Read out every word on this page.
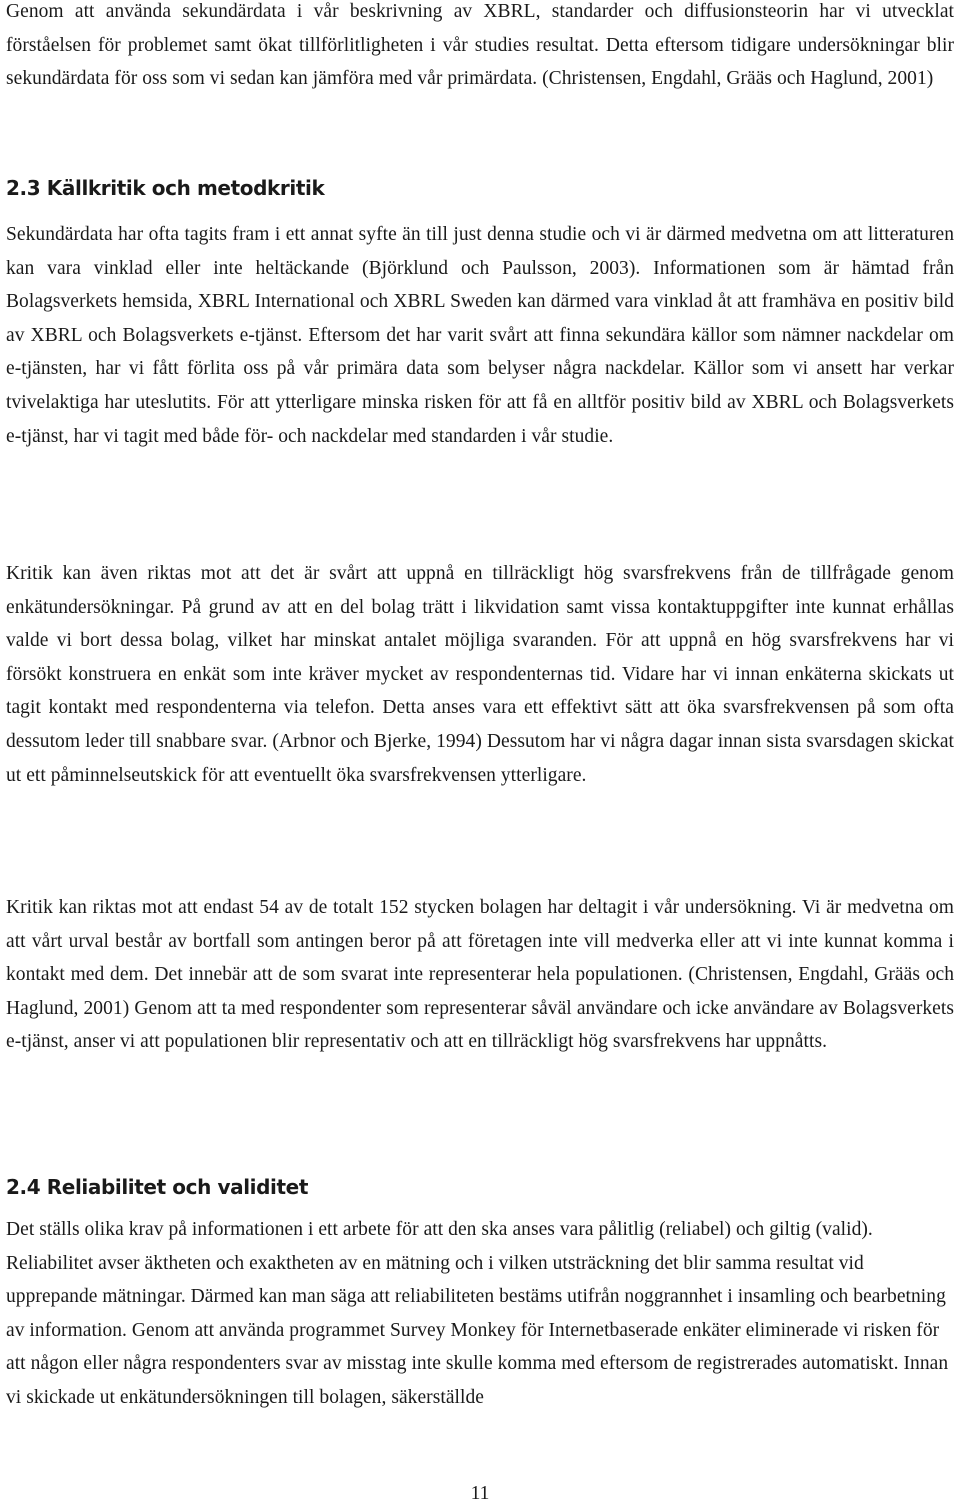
Genom att använda sekundärdata i vår beskrivning av XBRL, standarder och diffusionsteorin har vi utvecklat förståelsen för problemet samt ökat tillförlitligheten i vår studies resultat. Detta eftersom tidigare undersökningar blir sekundärdata för oss som vi sedan kan jämföra med vår primärdata. (Christensen, Engdahl, Grääs och Haglund, 2001)

2.3 Källkritik och metodkritik

Sekundärdata har ofta tagits fram i ett annat syfte än till just denna studie och vi är därmed medvetna om att litteraturen kan vara vinklad eller inte heltäckande (Björklund och Paulsson, 2003). Informationen som är hämtad från Bolagsverkets hemsida, XBRL International och XBRL Sweden kan därmed vara vinklad åt att framhäva en positiv bild av XBRL och Bolagsverkets e-tjänst. Eftersom det har varit svårt att finna sekundära källor som nämner nackdelar om e-tjänsten, har vi fått förlita oss på vår primära data som belyser några nackdelar. Källor som vi ansett har verkar tvivelaktiga har uteslutits. För att ytterligare minska risken för att få en alltför positiv bild av XBRL och Bolagsverkets e-tjänst, har vi tagit med både för- och nackdelar med standarden i vår studie.

Kritik kan även riktas mot att det är svårt att uppnå en tillräckligt hög svarsfrekvens från de tillfrågade genom enkätundersökningar. På grund av att en del bolag trätt i likvidation samt vissa kontaktuppgifter inte kunnat erhållas valde vi bort dessa bolag, vilket har minskat antalet möjliga svaranden. För att uppnå en hög svarsfrekvens har vi försökt konstruera en enkät som inte kräver mycket av respondenternas tid. Vidare har vi innan enkäterna skickats ut tagit kontakt med respondenterna via telefon. Detta anses vara ett effektivt sätt att öka svarsfrekvensen på som ofta dessutom leder till snabbare svar. (Arbnor och Bjerke, 1994) Dessutom har vi några dagar innan sista svarsdagen skickat ut ett påminnelseutskick för att eventuellt öka svarsfrekvensen ytterligare.

Kritik kan riktas mot att endast 54 av de totalt 152 stycken bolagen har deltagit i vår undersökning. Vi är medvetna om att vårt urval består av bortfall som antingen beror på att företagen inte vill medverka eller att vi inte kunnat komma i kontakt med dem. Det innebär att de som svarat inte representerar hela populationen. (Christensen, Engdahl, Grääs och Haglund, 2001) Genom att ta med respondenter som representerar såväl användare och icke användare av Bolagsverkets e-tjänst, anser vi att populationen blir representativ och att en tillräckligt hög svarsfrekvens har uppnåtts.

2.4 Reliabilitet och validitet

Det ställs olika krav på informationen i ett arbete för att den ska anses vara pålitlig (reliabel) och giltig (valid). Reliabilitet avser äktheten och exaktheten av en mätning och i vilken utsträckning det blir samma resultat vid upprepande mätningar. Därmed kan man säga att reliabiliteten bestäms utifrån noggrannhet i insamling och bearbetning av information. Genom att använda programmet Survey Monkey för Internetbaserade enkäter eliminerade vi risken för att någon eller några respondenters svar av misstag inte skulle komma med eftersom de registrerades automatiskt. Innan vi skickade ut enkätundersökningen till bolagen, säkerställde

11
